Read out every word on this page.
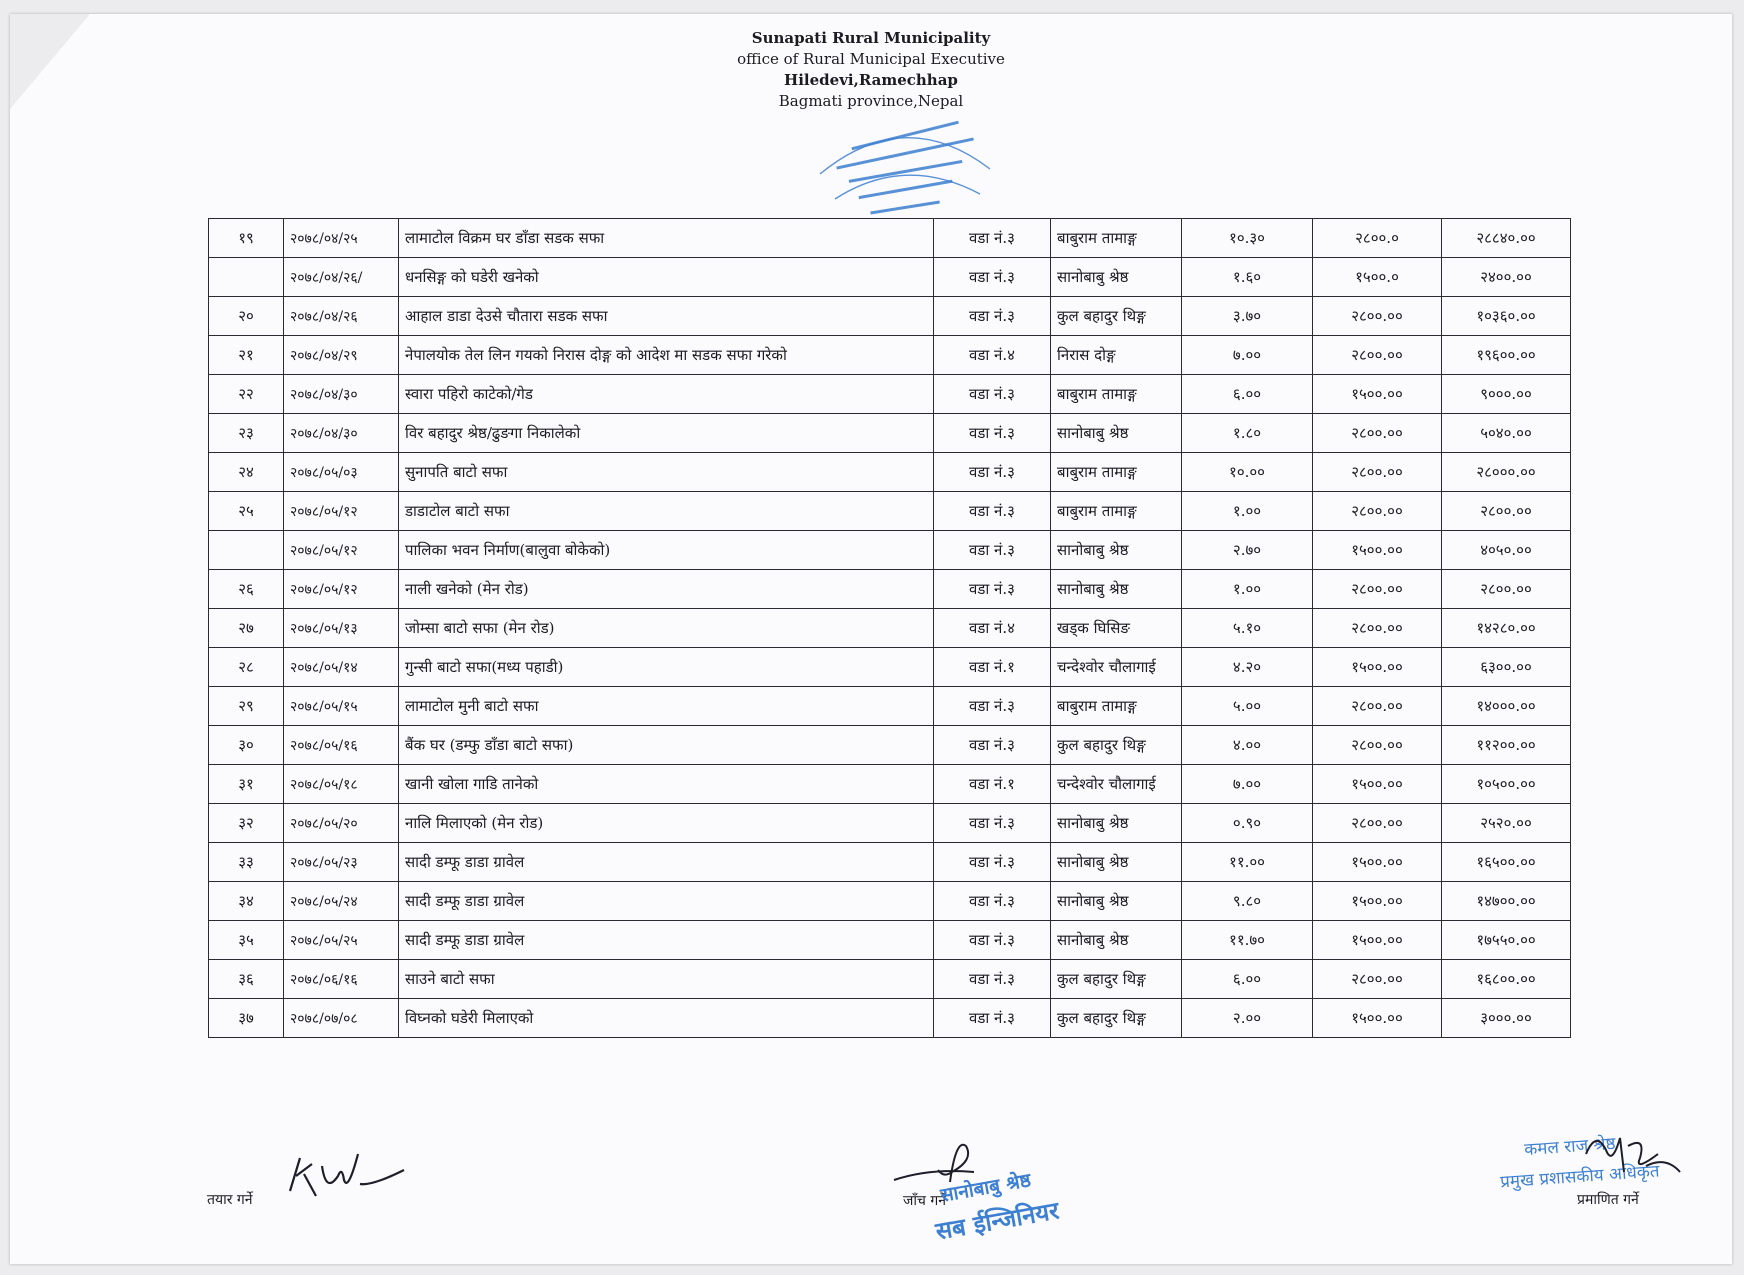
Sunapati Rural Municipality
office of Rural Municipal Executive
Hiledevi,Ramechhap
Bagmati province,Nepal
१९	२०७८/०४/२५	लामाटोल विक्रम घर डाँडा सडक सफा	वडा नं.३	बाबुराम तामाङ्ग	१०.३०	२८००.०	२८८४०.००
	२०७८/०४/२६/	धनसिङ्ग को घडेरी खनेको	वडा नं.३	सानोबाबु श्रेष्ठ	१.६०	१५००.०	२४००.००
२०	२०७८/०४/२६	आहाल डाडा देउसे चौतारा सडक सफा	वडा नं.३	कुल बहादुर थिङ्ग	३.७०	२८००.००	१०३६०.००
२१	२०७८/०४/२९	नेपालयोक तेल लिन गयको निरास दोङ्ग को आदेश मा सडक सफा गरेको	वडा नं.४	निरास दोङ्ग	७.००	२८००.००	१९६००.००
२२	२०७८/०४/३०	स्वारा पहिरो काटेको/गेड	वडा नं.३	बाबुराम तामाङ्ग	६.००	१५००.००	९०००.००
२३	२०७८/०४/३०	विर बहादुर श्रेष्ठ/ढुङगा निकालेको	वडा नं.३	सानोबाबु श्रेष्ठ	१.८०	२८००.००	५०४०.००
२४	२०७८/०५/०३	सुनापति बाटो सफा	वडा नं.३	बाबुराम तामाङ्ग	१०.००	२८००.००	२८०००.००
२५	२०७८/०५/१२	डाडाटोल बाटो सफा	वडा नं.३	बाबुराम तामाङ्ग	१.००	२८००.००	२८००.००
	२०७८/०५/१२	पालिका भवन निर्माण(बालुवा बोकेको)	वडा नं.३	सानोबाबु श्रेष्ठ	२.७०	१५००.००	४०५०.००
२६	२०७८/०५/१२	नाली खनेको (मेन रोड)	वडा नं.३	सानोबाबु श्रेष्ठ	१.००	२८००.००	२८००.००
२७	२०७८/०५/१३	जोम्सा बाटो सफा (मेन रोड)	वडा नं.४	खड्क घिसिङ	५.१०	२८००.००	१४२८०.००
२८	२०७८/०५/१४	गुन्सी बाटो सफा(मध्य पहाडी)	वडा नं.१	चन्देश्वोर चौलागाई	४.२०	१५००.००	६३००.००
२९	२०७८/०५/१५	लामाटोल मुनी बाटो सफा	वडा नं.३	बाबुराम तामाङ्ग	५.००	२८००.००	१४०००.००
३०	२०७८/०५/१६	बैंक घर (डम्फु डाँडा बाटो सफा)	वडा नं.३	कुल बहादुर थिङ्ग	४.००	२८००.००	११२००.००
३१	२०७८/०५/१८	खानी खोला गाडि तानेको	वडा नं.१	चन्देश्वोर चौलागाई	७.००	१५००.००	१०५००.००
३२	२०७८/०५/२०	नालि मिलाएको (मेन रोड)	वडा नं.३	सानोबाबु श्रेष्ठ	०.९०	२८००.००	२५२०.००
३३	२०७८/०५/२३	सादी डम्फू डाडा ग्रावेल	वडा नं.३	सानोबाबु श्रेष्ठ	११.००	१५००.००	१६५००.००
३४	२०७८/०५/२४	सादी डम्फू डाडा ग्रावेल	वडा नं.३	सानोबाबु श्रेष्ठ	९.८०	१५००.००	१४७००.००
३५	२०७८/०५/२५	सादी डम्फू डाडा ग्रावेल	वडा नं.३	सानोबाबु श्रेष्ठ	११.७०	१५००.००	१७५५०.००
३६	२०७८/०६/१६	साउने बाटो सफा	वडा नं.३	कुल बहादुर थिङ्ग	६.००	२८००.००	१६८००.००
३७	२०७८/०७/०८	विघ्नको घडेरी मिलाएको	वडा नं.३	कुल बहादुर थिङ्ग	२.००	१५००.००	३०००.००
तयार गर्ने	जाँच गर्ने
सानोबाबु श्रेष्ठ
सब ईन्जिनियर
कमल राज श्रेष्ठ
प्रमुख प्रशासकीय अधिकृत
प्रमाणित गर्ने
